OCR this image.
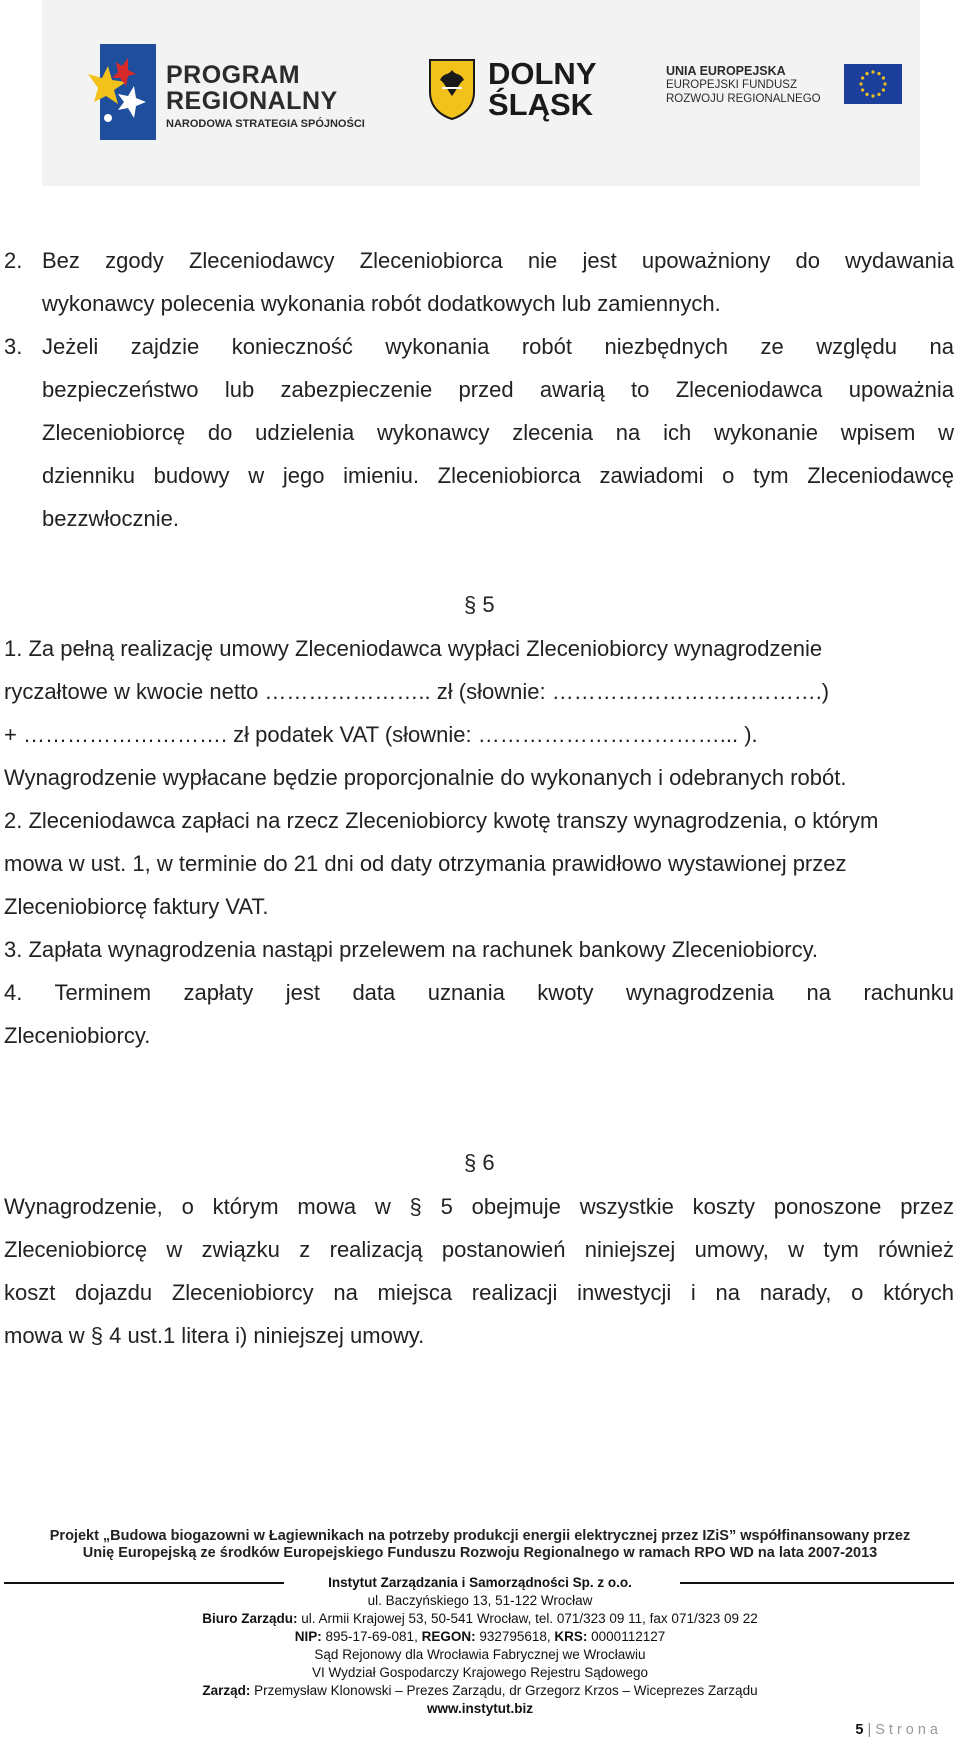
PROGRAM
REGIONALNY
NARODOWA STRATEGIA SPÓJNOŚCI
DOLNY
ŚLĄSK
UNIA EUROPEJSKA
EUROPEJSKI FUNDUSZ
ROZWOJU REGIONALNEGO
2. Bez zgody Zleceniodawcy Zleceniobiorca nie jest upoważniony do wydawania
wykonawcy polecenia wykonania robót dodatkowych lub zamiennych.
3. Jeżeli zajdzie konieczność wykonania robót niezbędnych ze względu na
bezpieczeństwo lub zabezpieczenie przed awarią to Zleceniodawca upoważnia
Zleceniobiorcę do udzielenia wykonawcy zlecenia na ich wykonanie wpisem w
dzienniku budowy w jego imieniu. Zleceniobiorca zawiadomi o tym Zleceniodawcę
bezzwłocznie.
§ 5
1. Za pełną realizację umowy Zleceniodawca wypłaci Zleceniobiorcy wynagrodzenie
ryczałtowe w kwocie netto ………………….. zł (słownie: ……………………………….)
+ ………………………. zł podatek VAT (słownie: ……………………………... ).
Wynagrodzenie wypłacane będzie proporcjonalnie do wykonanych i odebranych robót.
2. Zleceniodawca zapłaci na rzecz Zleceniobiorcy kwotę transzy wynagrodzenia, o którym
mowa w ust. 1, w terminie do 21 dni od daty otrzymania prawidłowo wystawionej przez
Zleceniobiorcę faktury VAT.
3. Zapłata wynagrodzenia nastąpi przelewem na rachunek bankowy Zleceniobiorcy.
4. Terminem zapłaty jest data uznania kwoty wynagrodzenia na rachunku
Zleceniobiorcy.
§ 6
Wynagrodzenie, o którym mowa w § 5 obejmuje wszystkie koszty ponoszone przez
Zleceniobiorcę w związku z realizacją postanowień niniejszej umowy, w tym również
koszt dojazdu Zleceniobiorcy na miejsca realizacji inwestycji i na narady, o których
mowa w § 4 ust.1 litera i) niniejszej umowy.
Projekt „Budowa biogazowni w Łagiewnikach na potrzeby produkcji energii elektrycznej przez IZiS” współfinansowany przez
Unię Europejską ze środków Europejskiego Funduszu Rozwoju Regionalnego w ramach RPO WD na lata 2007-2013
Instytut Zarządzania i Samorządności Sp. z o.o.
ul. Baczyńskiego 13, 51-122 Wrocław
Biuro Zarządu: ul. Armii Krajowej 53, 50-541 Wrocław, tel. 071/323 09 11, fax 071/323 09 22
NIP: 895-17-69-081, REGON: 932795618, KRS: 0000112127
Sąd Rejonowy dla Wrocławia Fabrycznej we Wrocławiu
VI Wydział Gospodarczy Krajowego Rejestru Sądowego
Zarząd: Przemysław Klonowski – Prezes Zarządu, dr Grzegorz Krzos – Wiceprezes Zarządu
www.instytut.biz
5 | Strona
